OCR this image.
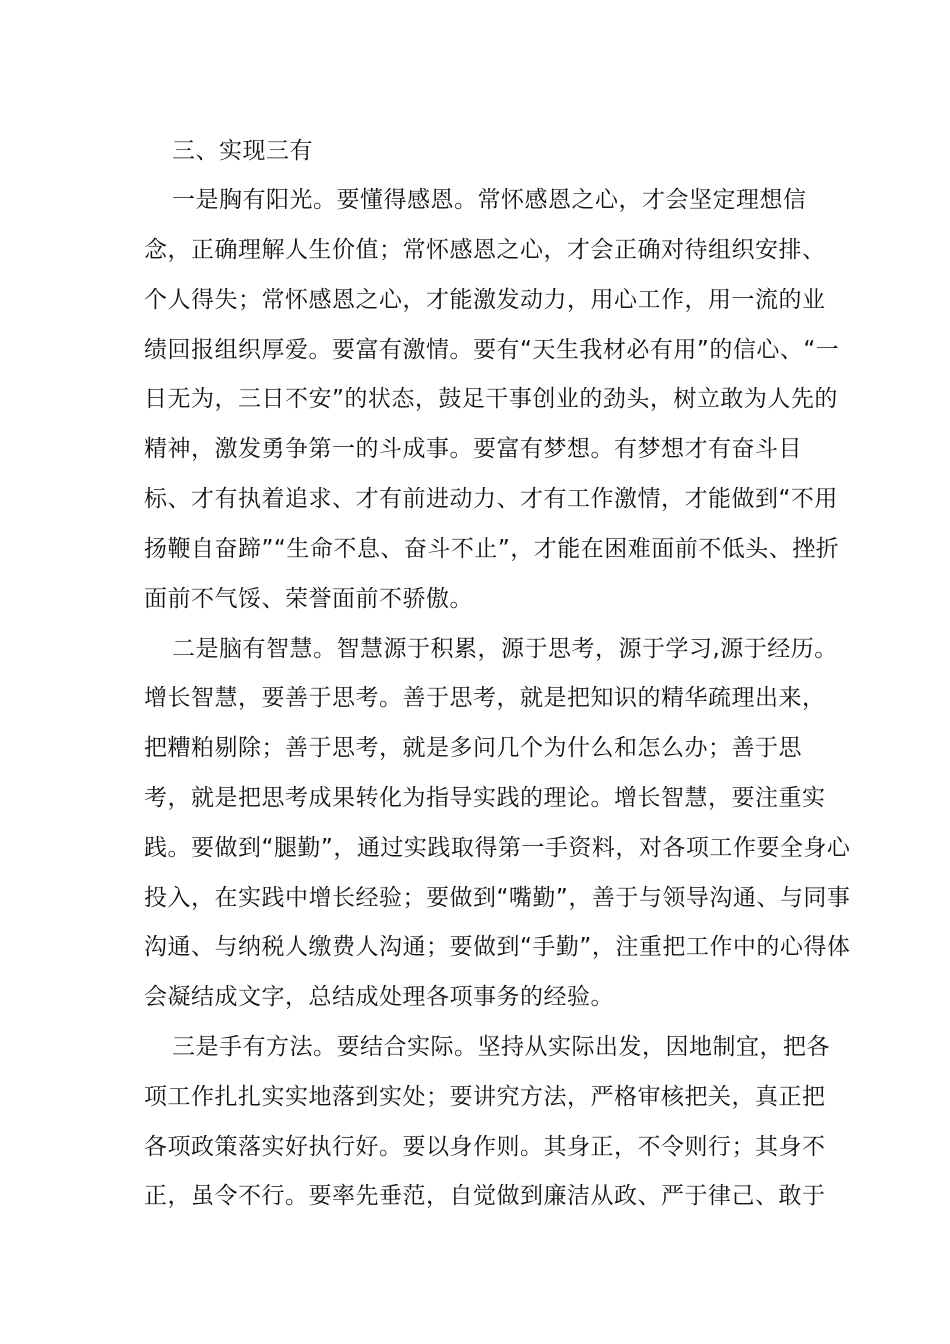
三、实现三有

一是胸有阳光。要懂得感恩。常怀感恩之心，才会坚定理想信

念，正确理解人生价值；常怀感恩之心，才会正确对待组织安排、

个人得失；常怀感恩之心，才能激发动力，用心工作，用一流的业

绩回报组织厚爱。要富有激情。要有“天生我材必有用”的信心、“一

日无为，三日不安”的状态，鼓足干事创业的劲头，树立敢为人先的

精神，激发勇争第一的斗成事。要富有梦想。有梦想才有奋斗目

标、才有执着追求、才有前进动力、才有工作激情，才能做到“不用

扬鞭自奋蹄”“生命不息、奋斗不止”，才能在困难面前不低头、挫折

面前不气馁、荣誉面前不骄傲。

二是脑有智慧。智慧源于积累，源于思考，源于学习,源于经历。

增长智慧，要善于思考。善于思考，就是把知识的精华疏理出来，

把糟粕剔除；善于思考，就是多问几个为什么和怎么办；善于思

考，就是把思考成果转化为指导实践的理论。增长智慧，要注重实

践。要做到“腿勤”，通过实践取得第一手资料，对各项工作要全身心

投入，在实践中增长经验；要做到“嘴勤”，善于与领导沟通、与同事

沟通、与纳税人缴费人沟通；要做到“手勤”，注重把工作中的心得体

会凝结成文字，总结成处理各项事务的经验。

三是手有方法。要结合实际。坚持从实际出发，因地制宜，把各

项工作扎扎实实地落到实处；要讲究方法，严格审核把关，真正把

各项政策落实好执行好。要以身作则。其身正，不令则行；其身不

正，虽令不行。要率先垂范，自觉做到廉洁从政、严于律己、敢于
